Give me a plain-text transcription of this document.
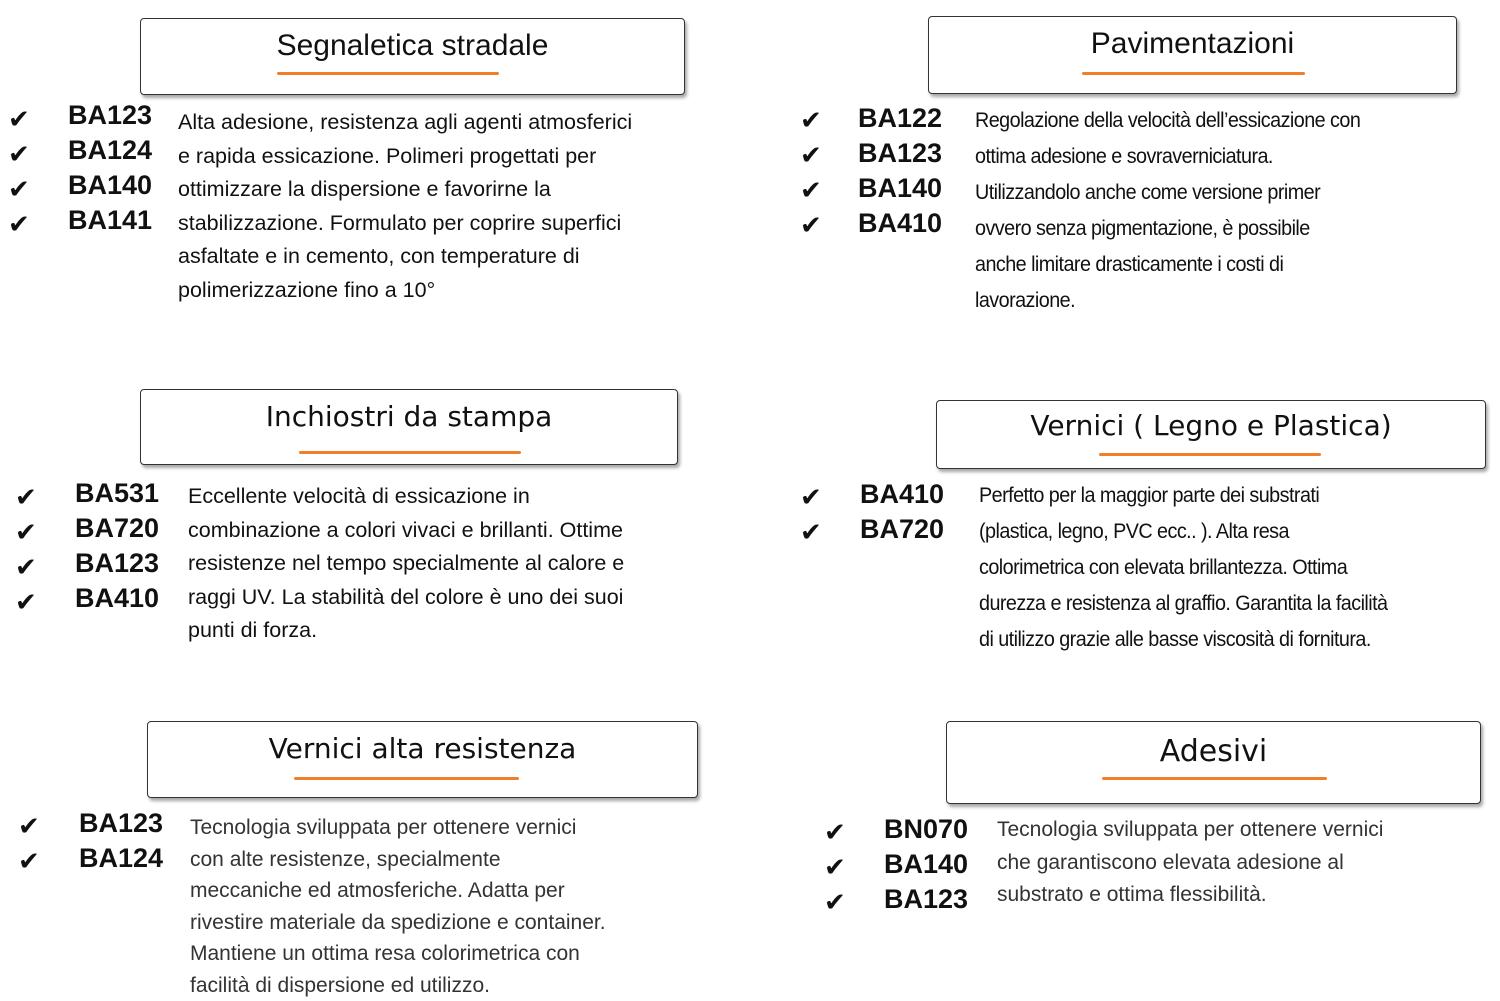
Segnaletica stradale
✔ BA123
✔ BA124
✔ BA140
✔ BA141
Alta adesione, resistenza agli agenti atmosferici
e rapida essicazione. Polimeri progettati per
ottimizzare la dispersione e favorirne la
stabilizzazione. Formulato per coprire superfici
asfaltate e in cemento, con temperature di
polimerizzazione fino a 10°
Pavimentazioni
✔ BA122
✔ BA123
✔ BA140
✔ BA410
Regolazione della velocità dell’essicazione con
ottima adesione e sovraverniciatura.
Utilizzandolo anche come versione primer
ovvero senza pigmentazione, è possibile
anche limitare drasticamente i costi di
lavorazione.
Inchiostri da stampa
✔ BA531
✔ BA720
✔ BA123
✔ BA410
Eccellente velocità di essicazione in
combinazione a colori vivaci e brillanti. Ottime
resistenze nel tempo specialmente al calore e
raggi UV. La stabilità del colore è uno dei suoi
punti di forza.
Vernici ( Legno e Plastica)
✔ BA410
✔ BA720
Perfetto per la maggior parte dei substrati
(plastica, legno, PVC ecc.. ). Alta resa
colorimetrica con elevata brillantezza. Ottima
durezza e resistenza al graffio. Garantita la facilità
di utilizzo grazie alle basse viscosità di fornitura.
Vernici alta resistenza
✔ BA123
✔ BA124
Tecnologia sviluppata per ottenere vernici
con alte resistenze, specialmente
meccaniche ed atmosferiche. Adatta per
rivestire materiale da spedizione e container.
Mantiene un ottima resa colorimetrica con
facilità di dispersione ed utilizzo.
Adesivi
✔ BN070
✔ BA140
✔ BA123
Tecnologia sviluppata per ottenere vernici
che garantiscono elevata adesione al
substrato e ottima flessibilità.
